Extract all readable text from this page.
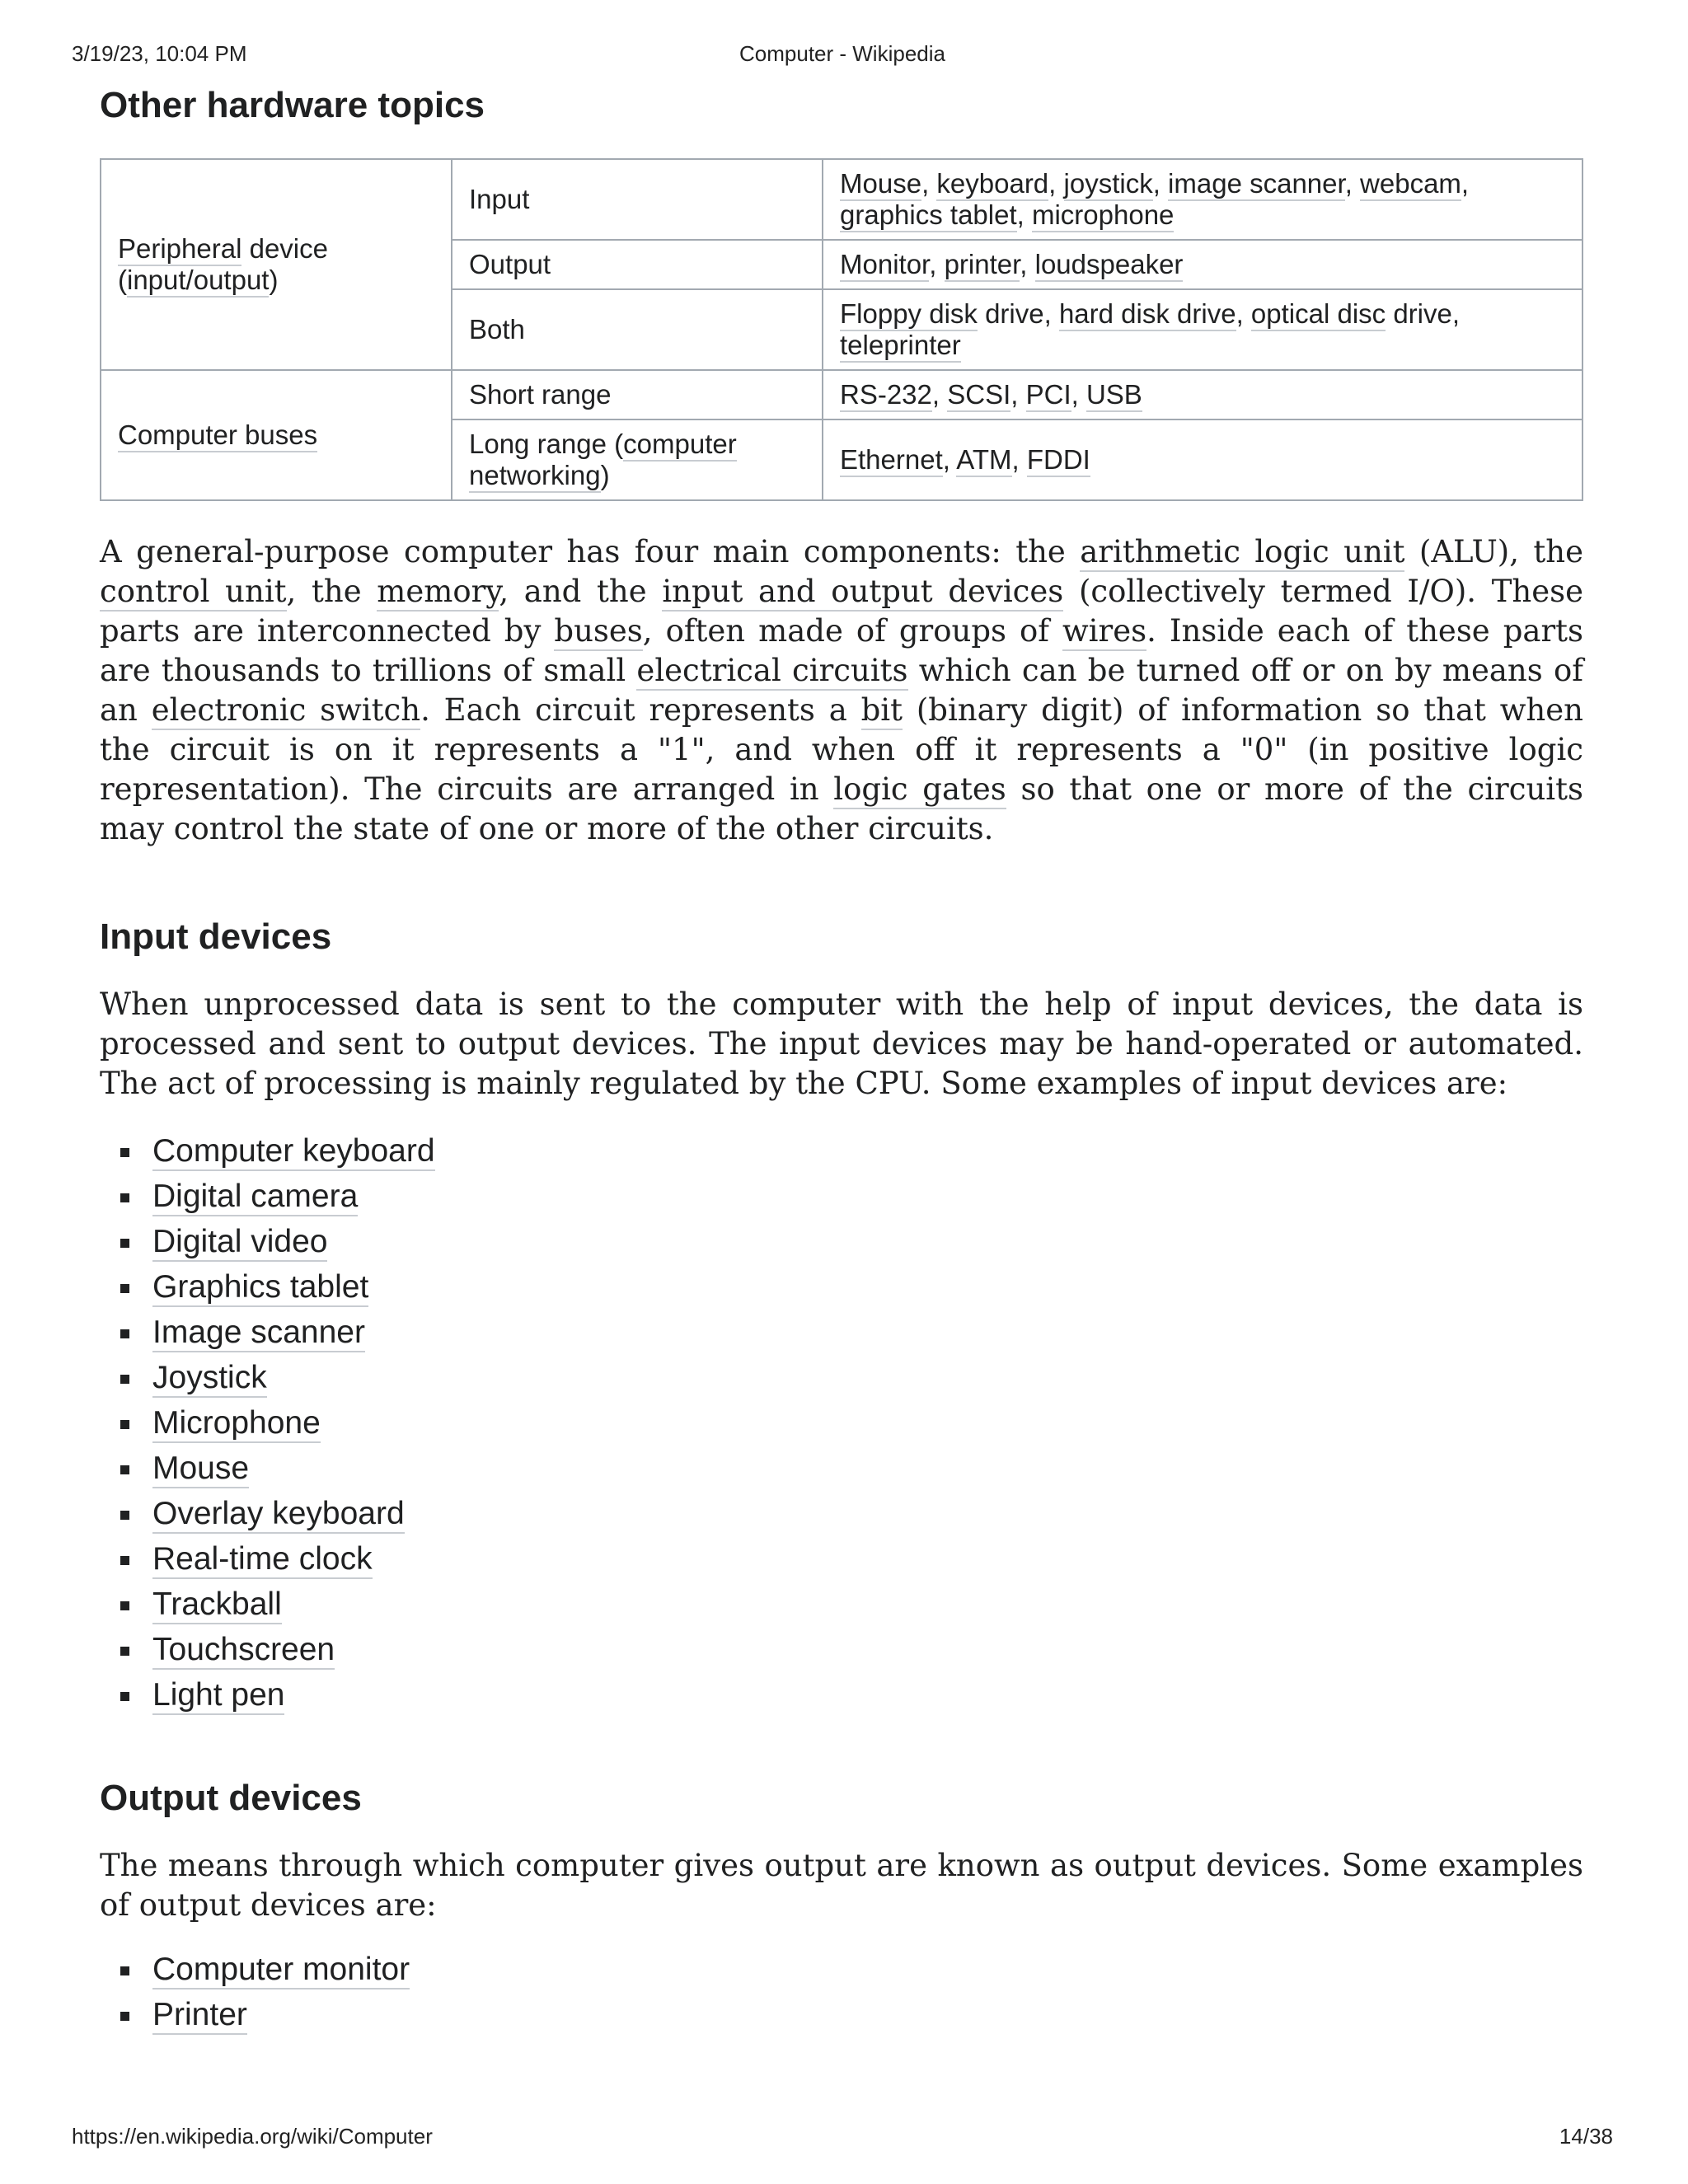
3/19/23, 10:04 PM	Computer - Wikipedia
Other hardware topics
Peripheral device
(input/output)	Input	Mouse, keyboard, joystick, image scanner, webcam,
graphics tablet, microphone
	Output	Monitor, printer, loudspeaker
	Both	Floppy disk drive, hard disk drive, optical disc drive,
teleprinter
Computer buses	Short range	RS-232, SCSI, PCI, USB
	Long range (computer networking)	Ethernet, ATM, FDDI

A general-purpose computer has four main components: the arithmetic logic unit (ALU), the control unit, the memory, and the input and output devices (collectively termed I/O). These parts are interconnected by buses, often made of groups of wires. Inside each of these parts are thousands to trillions of small electrical circuits which can be turned off or on by means of an electronic switch. Each circuit represents a bit (binary digit) of information so that when the circuit is on it represents a "1", and when off it represents a "0" (in positive logic representation). The circuits are arranged in logic gates so that one or more of the circuits may control the state of one or more of the other circuits.

Input devices

When unprocessed data is sent to the computer with the help of input devices, the data is processed and sent to output devices. The input devices may be hand-operated or automated. The act of processing is mainly regulated by the CPU. Some examples of input devices are:

Computer keyboard
Digital camera
Digital video
Graphics tablet
Image scanner
Joystick
Microphone
Mouse
Overlay keyboard
Real-time clock
Trackball
Touchscreen
Light pen
Output devices

The means through which computer gives output are known as output devices. Some examples of output devices are:

Computer monitor
Printer
https://en.wikipedia.org/wiki/Computer	14/38
